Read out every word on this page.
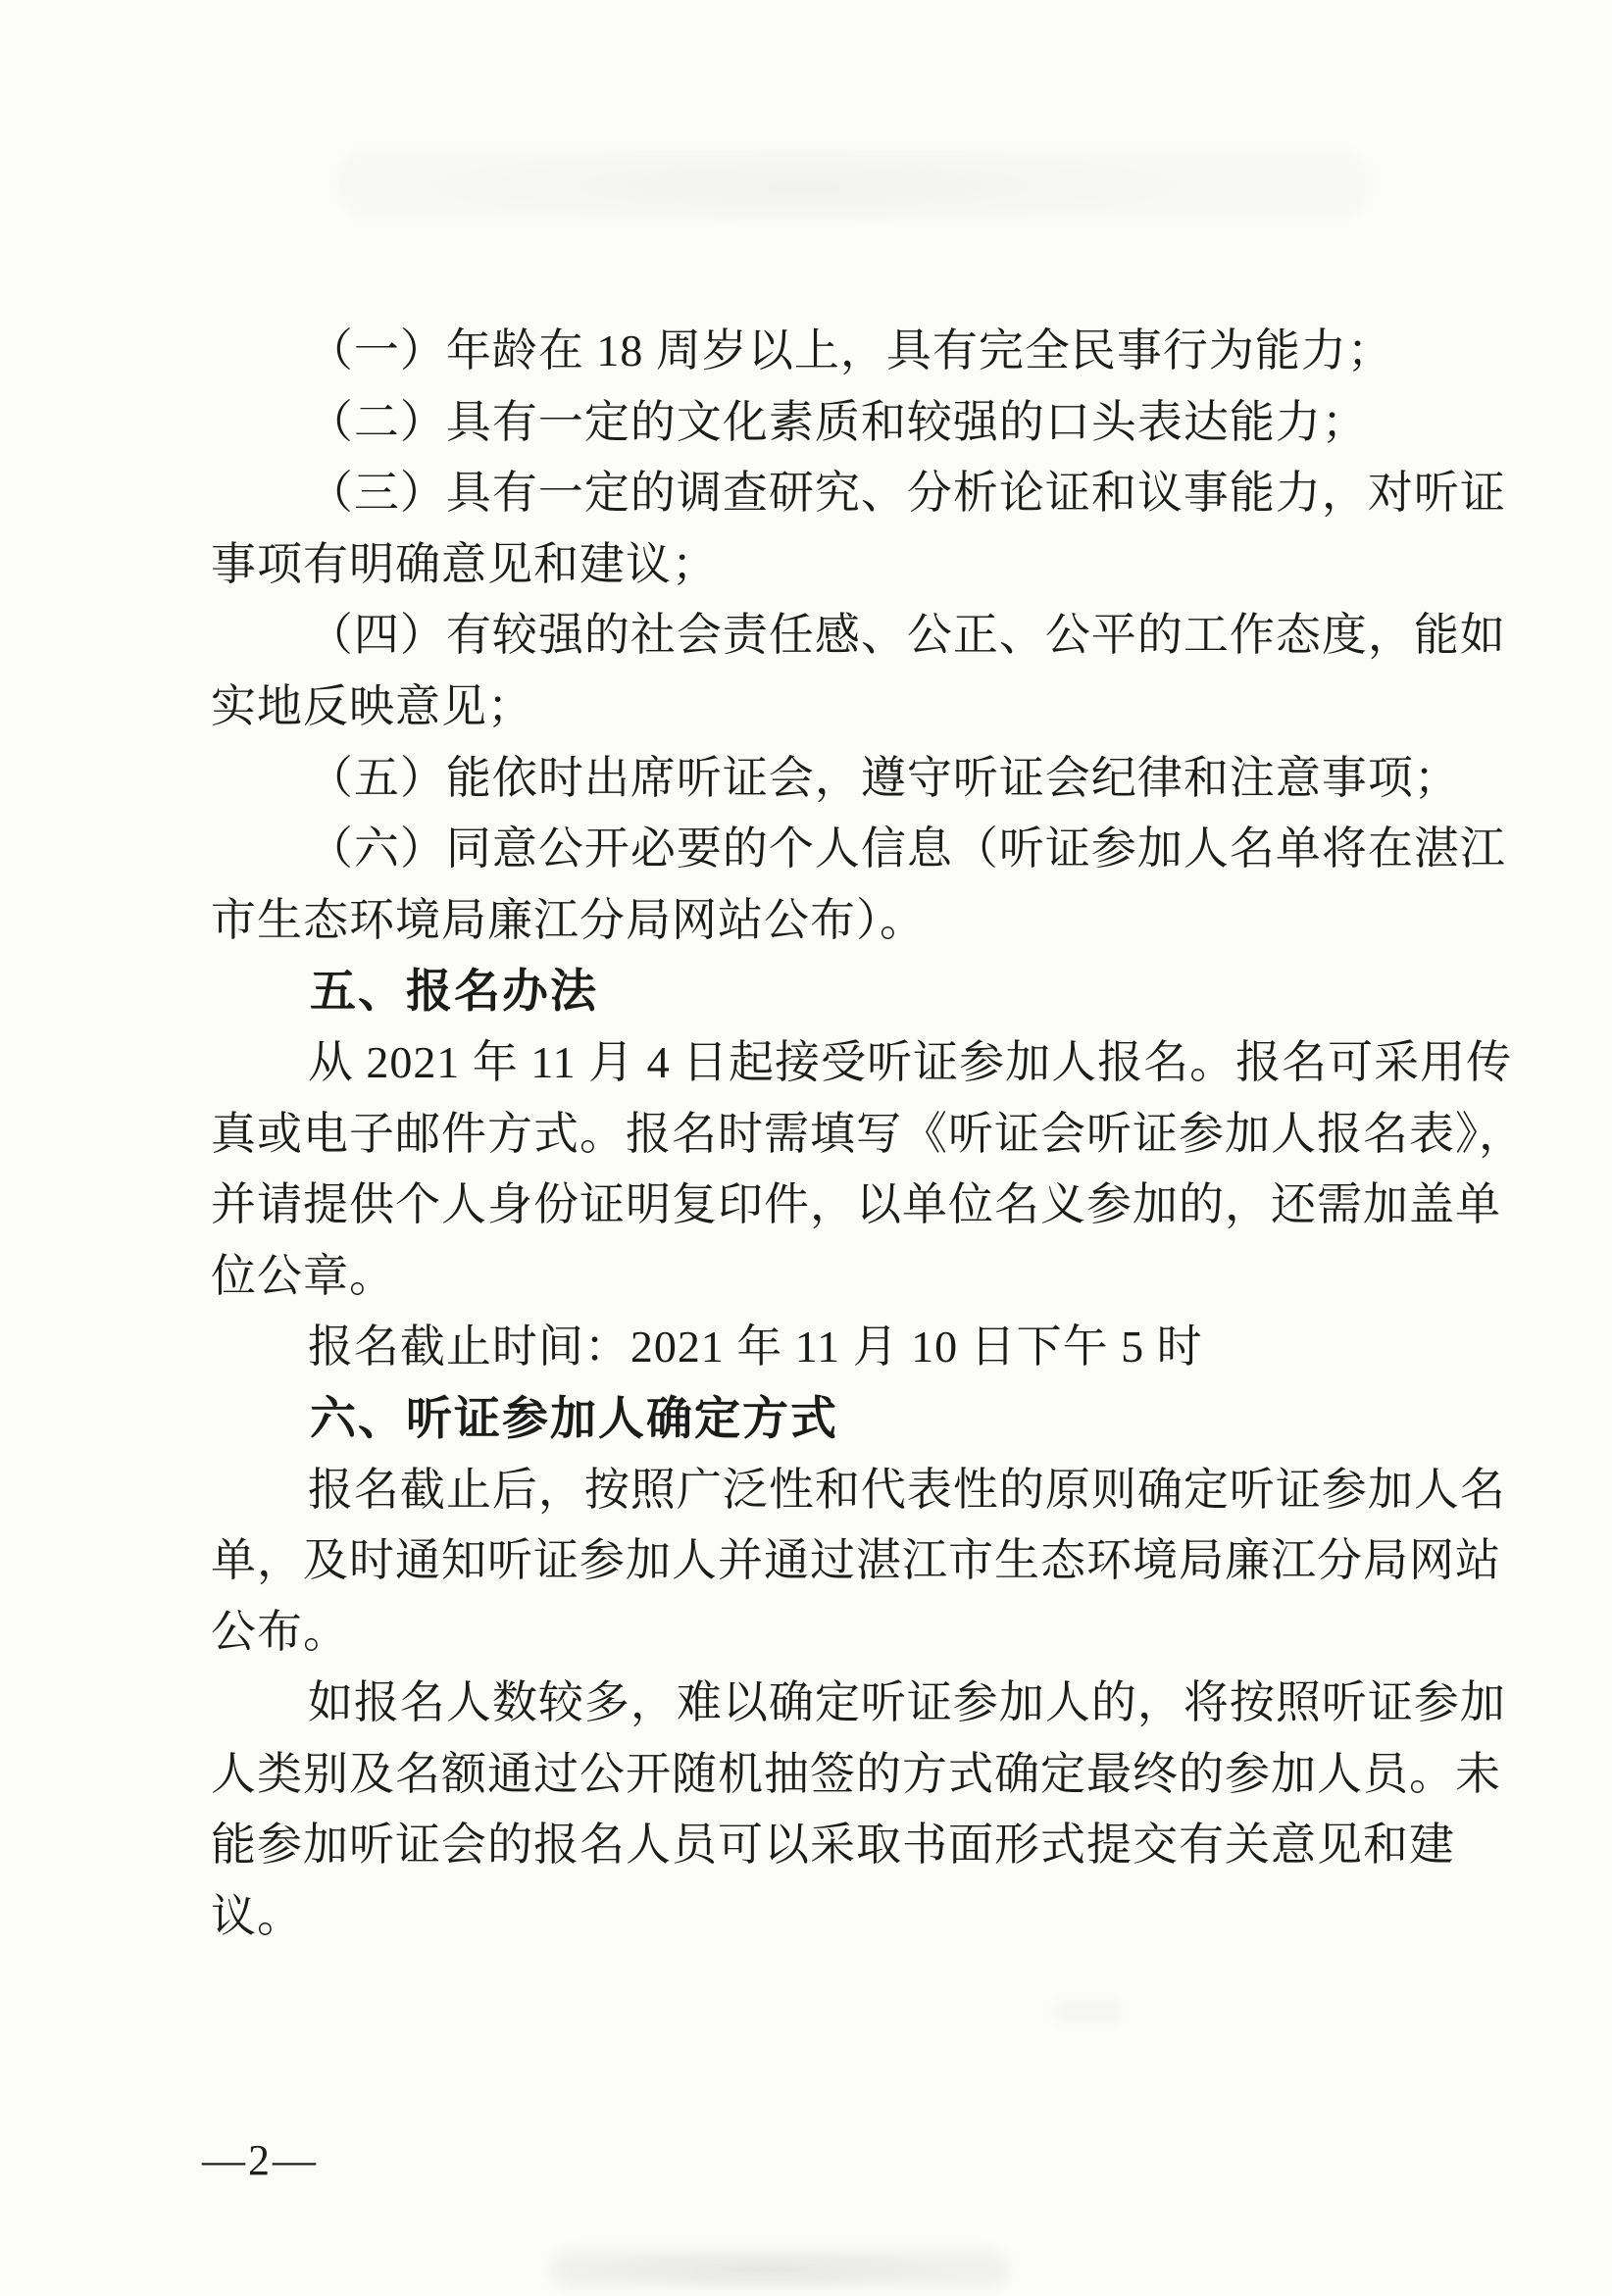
（一）年龄在 18 周岁以上，具有完全民事行为能力；
（二）具有一定的文化素质和较强的口头表达能力；
（三）具有一定的调查研究、分析论证和议事能力，对听证
事项有明确意见和建议；
（四）有较强的社会责任感、公正、公平的工作态度，能如
实地反映意见；
（五）能依时出席听证会，遵守听证会纪律和注意事项；
（六）同意公开必要的个人信息（听证参加人名单将在湛江
市生态环境局廉江分局网站公布）。
五、报名办法
从 2021 年 11 月 4 日起接受听证参加人报名。报名可采用传
真或电子邮件方式。报名时需填写《听证会听证参加人报名表》，
并请提供个人身份证明复印件，以单位名义参加的，还需加盖单
位公章。
报名截止时间：2021 年 11 月 10 日下午 5 时
六、听证参加人确定方式
报名截止后，按照广泛性和代表性的原则确定听证参加人名
单，及时通知听证参加人并通过湛江市生态环境局廉江分局网站
公布。
如报名人数较多，难以确定听证参加人的，将按照听证参加
人类别及名额通过公开随机抽签的方式确定最终的参加人员。未
能参加听证会的报名人员可以采取书面形式提交有关意见和建
议。
—2—
